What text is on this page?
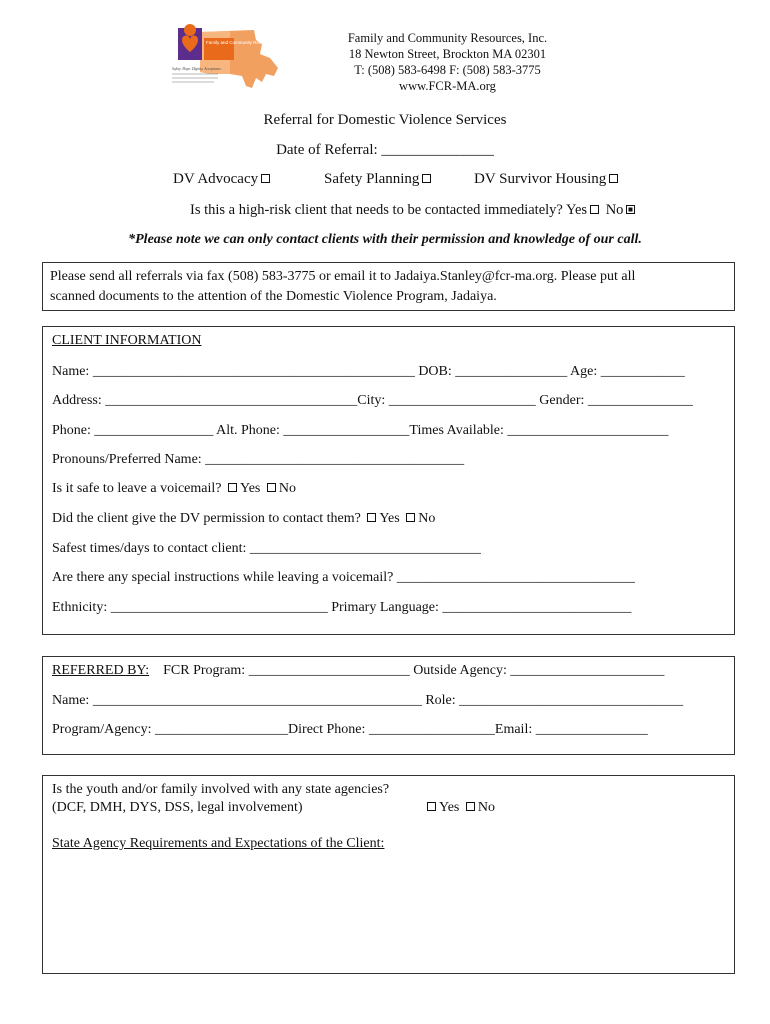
Family and Community Resources
Safety. Hope. Dignity. Acceptance.
Family and Community Resources, Inc.
18 Newton Street, Brockton MA 02301
T: (508) 583-6498 F: (508) 583-3775
www.FCR-MA.org
Referral for Domestic Violence Services
Date of Referral: _______________
DV Advocacy	Safety Planning	DV Survivor Housing
Is this a high-risk client that needs to be contacted immediately? Yes No
*Please note we can only contact clients with their permission and knowledge of our call.
Please send all referrals via fax (508) 583-3775 or email it to Jadaiya.Stanley@fcr-ma.org. Please put all
scanned documents to the attention of the Domestic Violence Program, Jadaiya.
CLIENT INFORMATION
Name: ______________________________________________ DOB: ________________ Age: ____________
Address: ____________________________________City: _____________________ Gender: _______________
Phone: _________________ Alt. Phone: __________________Times Available: _______________________
Pronouns/Preferred Name: _____________________________________
Is it safe to leave a voicemail? Yes No
Did the client give the DV permission to contact them? Yes No
Safest times/days to contact client: _________________________________
Are there any special instructions while leaving a voicemail? __________________________________
Ethnicity: _______________________________ Primary Language: ___________________________
REFERRED BY: FCR Program: _______________________ Outside Agency: ______________________
Name: _______________________________________________ Role: ________________________________
Program/Agency: ___________________Direct Phone: __________________Email: ________________
Is the youth and/or family involved with any state agencies?
(DCF, DMH, DYS, DSS, legal involvement)	Yes No
State Agency Requirements and Expectations of the Client:
